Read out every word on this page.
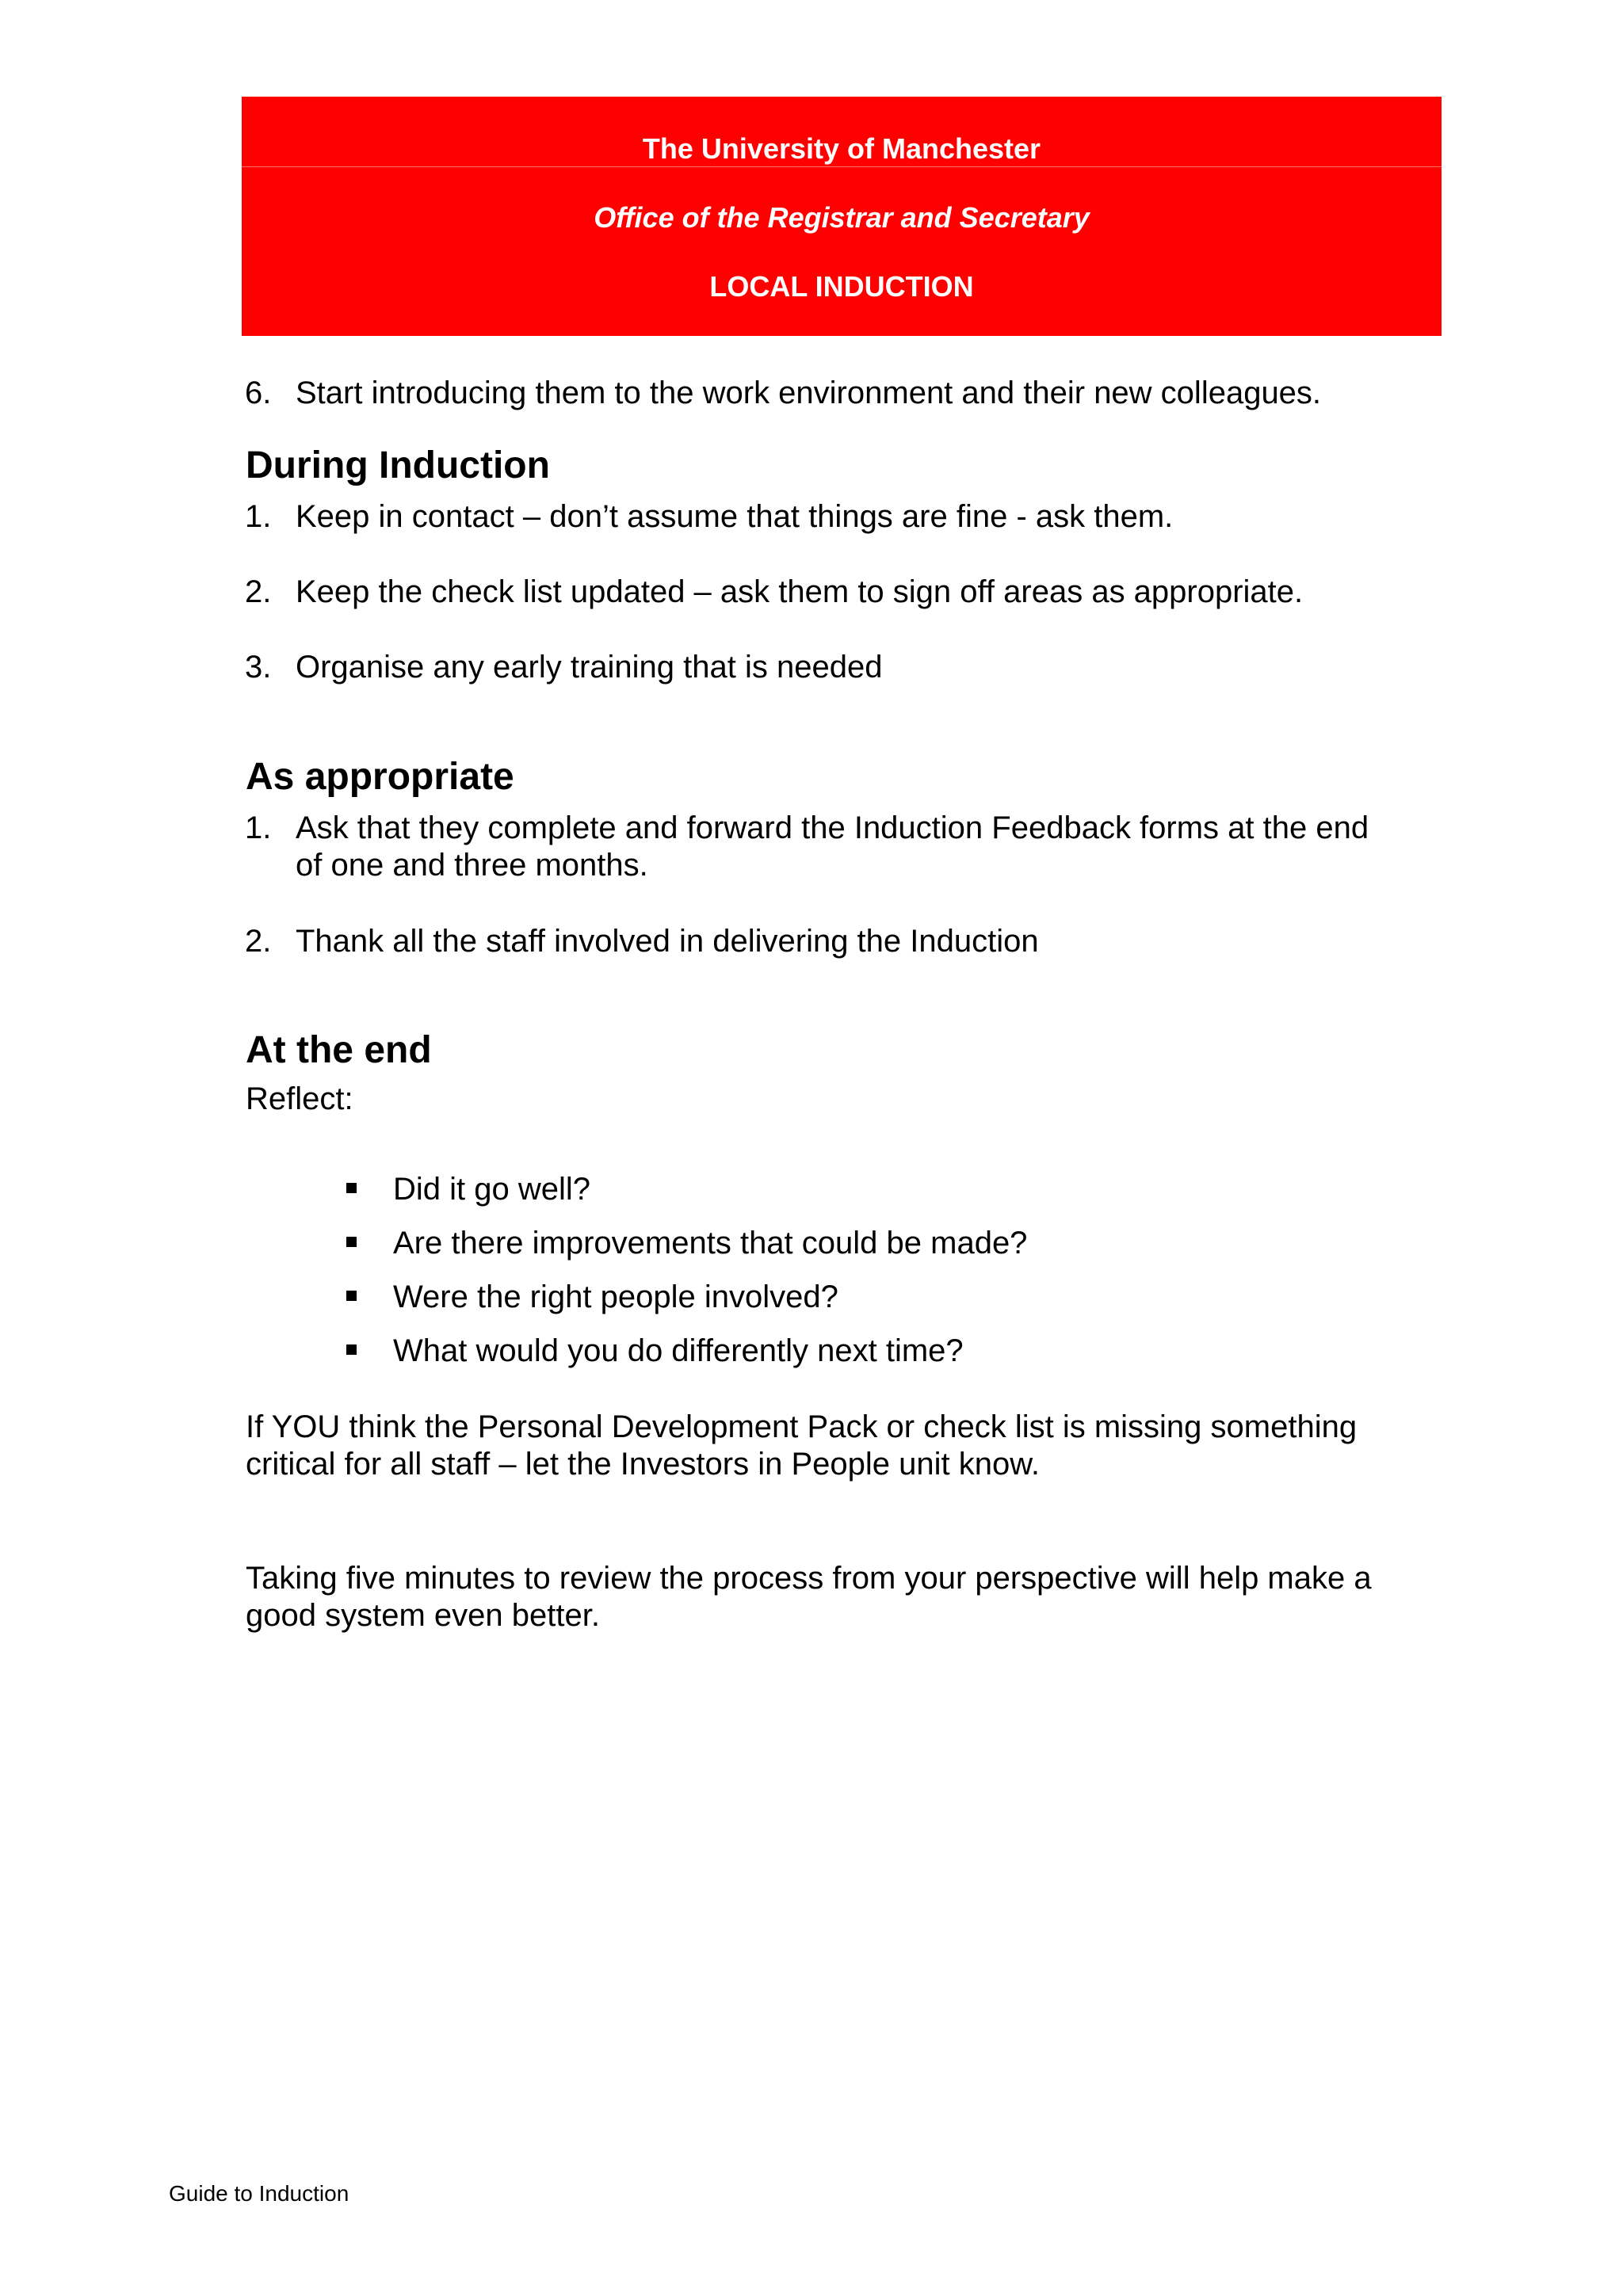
The University of Manchester
Office of the Registrar and Secretary
LOCAL INDUCTION
6. Start introducing them to the work environment and their new colleagues.
During Induction
1. Keep in contact – don’t assume that things are fine - ask them.
2. Keep the check list updated – ask them to sign off areas as appropriate.
3. Organise any early training that is needed
As appropriate
1. Ask that they complete and forward the Induction Feedback forms at the end
of one and three months.
2. Thank all the staff involved in delivering the Induction
At the end
Reflect:
Did it go well?
Are there improvements that could be made?
Were the right people involved?
What would you do differently next time?
If YOU think the Personal Development Pack or check list is missing something
critical for all staff – let the Investors in People unit know.
Taking five minutes to review the process from your perspective will help make a
good system even better.
Guide to Induction
